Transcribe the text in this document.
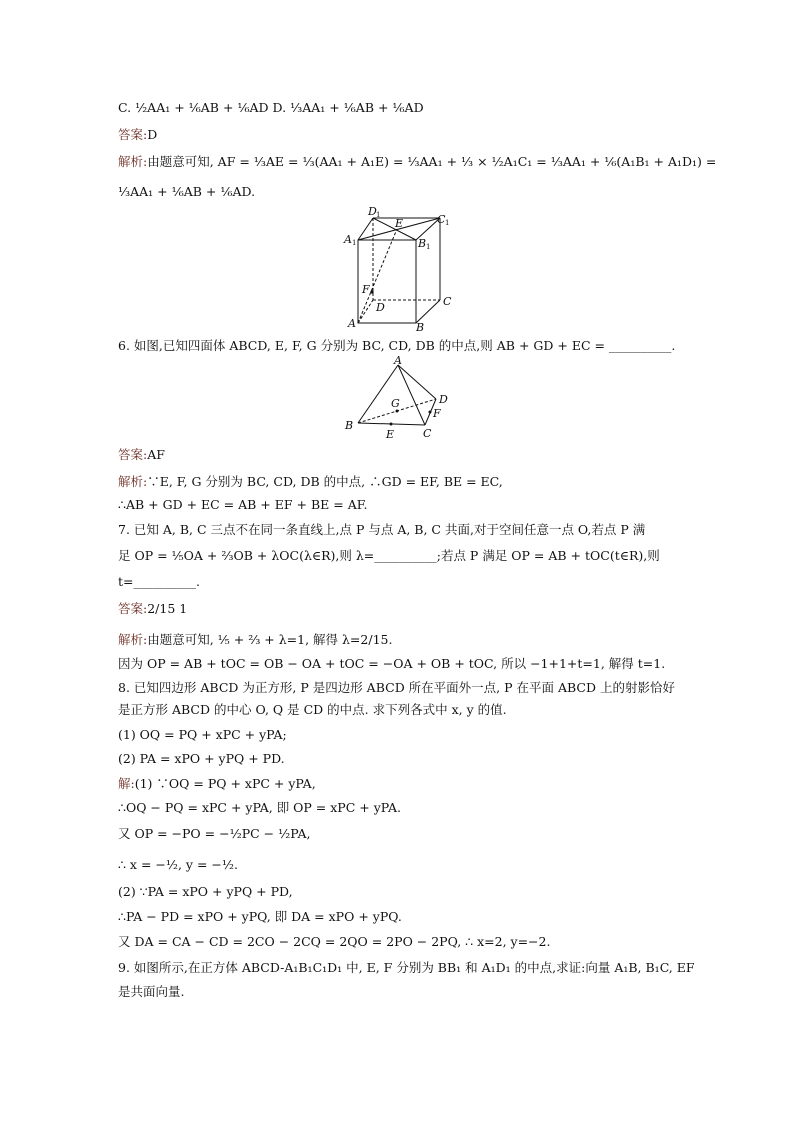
C. ½AA₁ + ⅙AB + ⅙AD D. ⅓AA₁ + ⅙AB + ⅙AD
答案:D
解析:由题意可知, AF = ⅓AE = ⅓(AA₁ + A₁E) = ⅓AA₁ + ⅓ × ½A₁C₁ = ⅓AA₁ + ⅙(A₁B₁ + A₁D₁) =
⅓AA₁ + ⅙AB + ⅙AD.
D 1
A 1
E	C 1
B 1
F
D	C
A	B
6. 如图,已知四面体 ABCD, E, F, G 分别为 BC, CD, DB 的中点,则 AB + GD + EC = __________.
A
G	D
F
B
E	C
答案:AF
解析:∵E, F, G 分别为 BC, CD, DB 的中点, ∴GD = EF, BE = EC,
∴AB + GD + EC = AB + EF + BE = AF.
7. 已知 A, B, C 三点不在同一条直线上,点 P 与点 A, B, C 共面,对于空间任意一点 O,若点 P 满
足 OP = ⅕OA + ⅔OB + λOC(λ∈R),则 λ=__________;若点 P 满足 OP = AB + tOC(t∈R),则
t=__________.
答案:2/15 1
解析:由题意可知, ⅕ + ⅔ + λ=1, 解得 λ=2/15.
因为 OP = AB + tOC = OB − OA + tOC = −OA + OB + tOC, 所以 −1+1+t=1, 解得 t=1.
8. 已知四边形 ABCD 为正方形, P 是四边形 ABCD 所在平面外一点, P 在平面 ABCD 上的射影恰好
是正方形 ABCD 的中心 O, Q 是 CD 的中点. 求下列各式中 x, y 的值.
(1) OQ = PQ + xPC + yPA;
(2) PA = xPO + yPQ + PD.
解:(1) ∵OQ = PQ + xPC + yPA,
∴OQ − PQ = xPC + yPA, 即 OP = xPC + yPA.
又 OP = −PO = −½PC − ½PA,
∴ x = −½, y = −½.
(2) ∵PA = xPO + yPQ + PD,
∴PA − PD = xPO + yPQ, 即 DA = xPO + yPQ.
又 DA = CA − CD = 2CO − 2CQ = 2QO = 2PO − 2PQ, ∴ x=2, y=−2.
9. 如图所示,在正方体 ABCD-A₁B₁C₁D₁ 中, E, F 分别为 BB₁ 和 A₁D₁ 的中点,求证:向量 A₁B, B₁C, EF
是共面向量.
